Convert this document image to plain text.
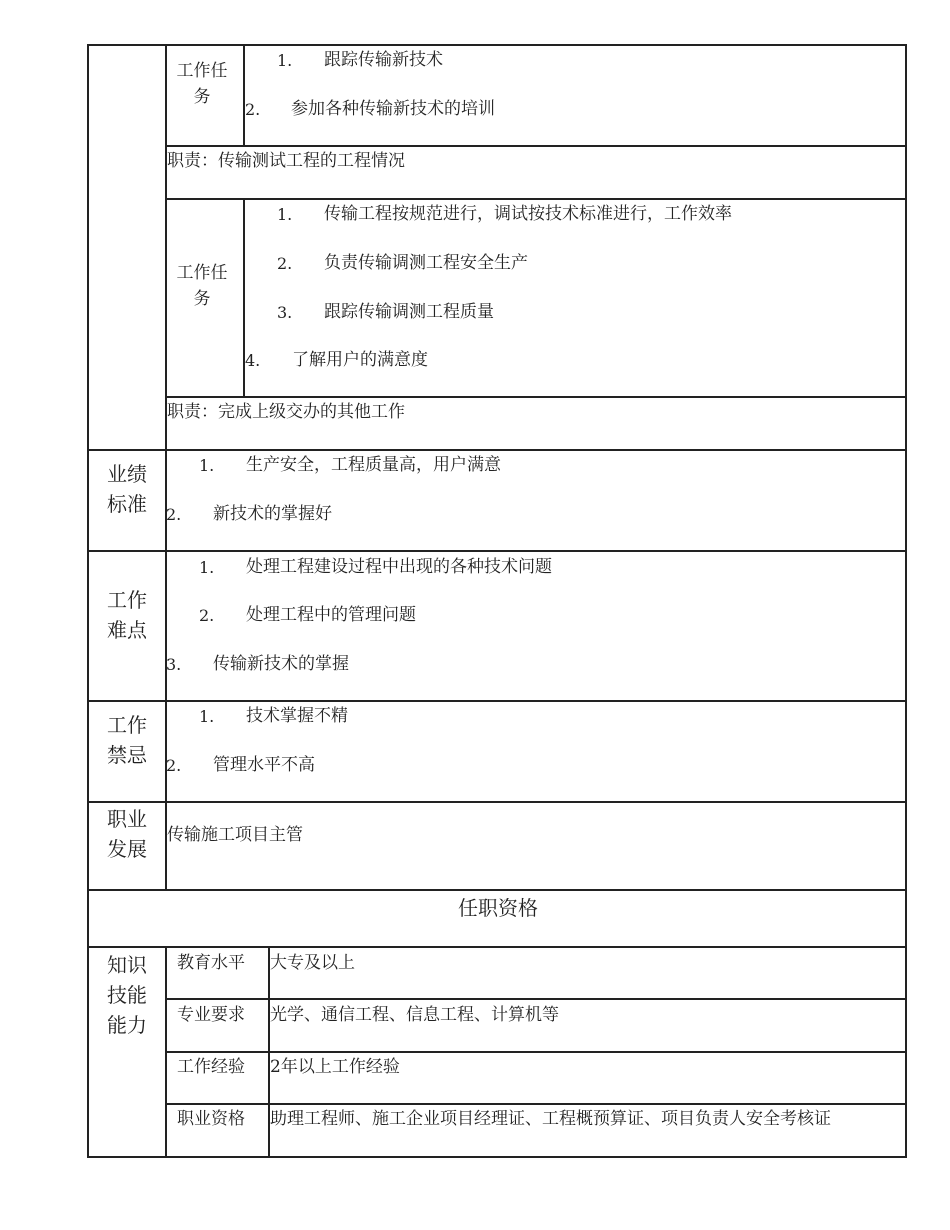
工作任务
1. 跟踪传输新技术
2. 参加各种传输新技术的培训
职责：传输测试工程的工程情况
工作任务
1. 传输工程按规范进行，调试按技术标准进行，工作效率
2. 负责传输调测工程安全生产
3. 跟踪传输调测工程质量
4. 了解用户的满意度
职责：完成上级交办的其他工作
业绩标准
1. 生产安全，工程质量高，用户满意
2. 新技术的掌握好
工作难点
1. 处理工程建设过程中出现的各种技术问题
2. 处理工程中的管理问题
3. 传输新技术的掌握
工作禁忌
1. 技术掌握不精
2. 管理水平不高
职业发展
传输施工项目主管
任职资格
知识技能能力
教育水平 大专及以上
专业要求 光学、通信工程、信息工程、计算机等
工作经验 2年以上工作经验
职业资格 助理工程师、施工企业项目经理证、工程概预算证、项目负责人安全考核证
